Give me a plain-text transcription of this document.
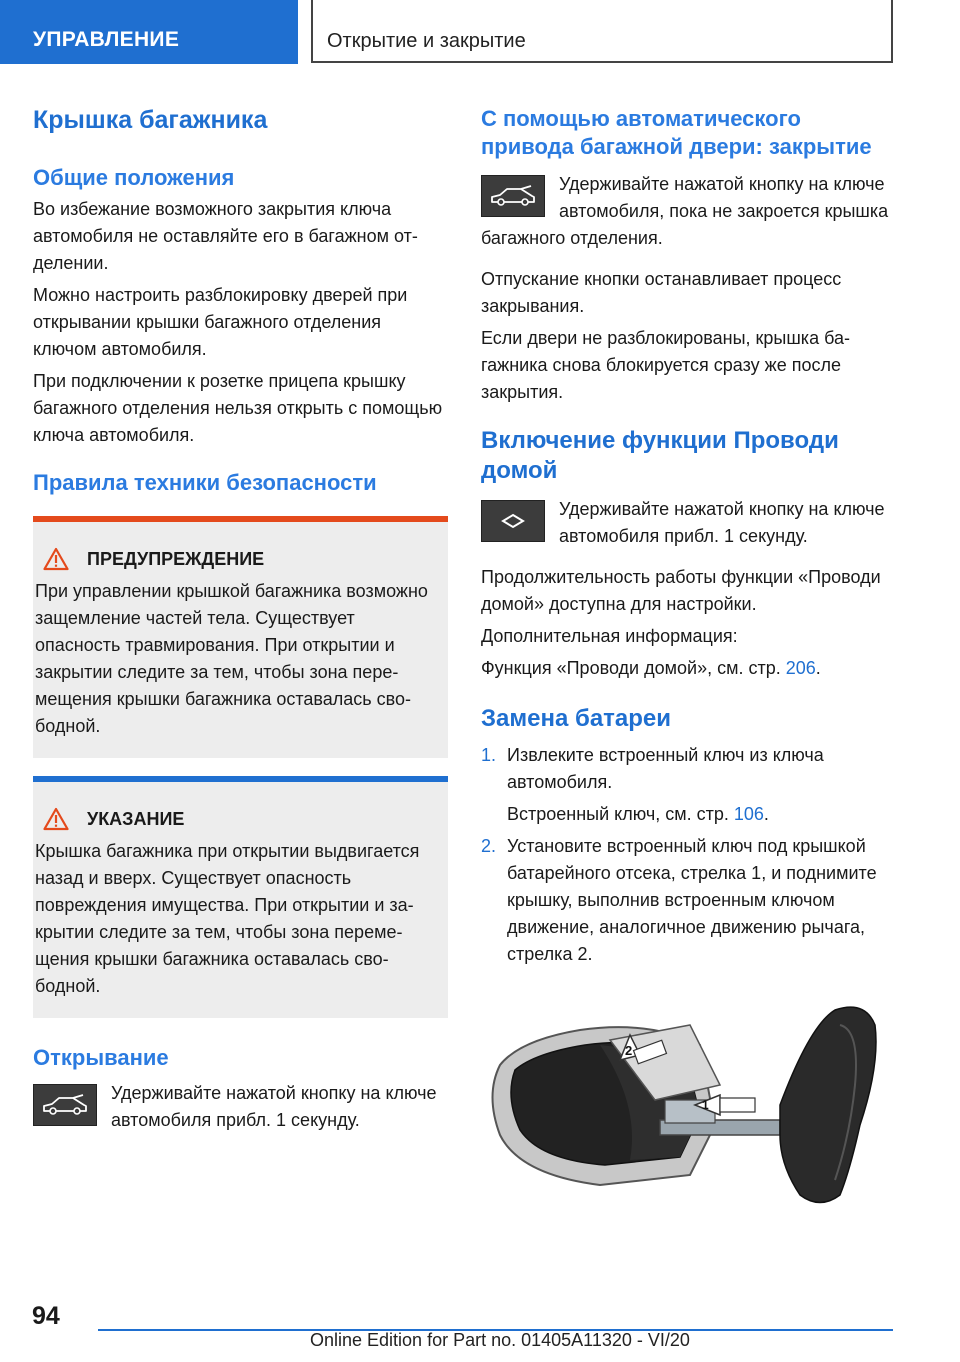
УПРАВЛЕНИЕ	Открытие и закрытие
Крышка багажника
Общие положения

Во избежание возможного закрытия ключа автомобиля не оставляйте его в багажном отделении.

Можно настроить разблокировку дверей при открывании крышки багажного отделения ключом автомобиля.

При подключении к розетке прицепа крышку багажного отделения нельзя открыть с помощью ключа автомобиля.

Правила техники безопасности
ПРЕДУПРЕЖДЕНИЕ

При управлении крышкой багажника возможно защемление частей тела. Существует опасность травмирования. При открытии и закрытии следите за тем, чтобы зона перемещения крышки багажника оставалась свободной.

УКАЗАНИЕ

Крышка багажника при открытии выдвигается назад и вверх. Существует опасность повреждения имущества. При открытии и закрытии следите за тем, чтобы зона перемещения крышки багажника оставалась свободной.

Открывание

Удерживайте нажатой кнопку на ключе автомобиля прибл. 1 секунду.

С помощью автоматического привода багажной двери: закрытие

Удерживайте нажатой кнопку на ключе автомобиля, пока не закроется крышка багажного отделения.

Отпускание кнопки останавливает процесс закрывания.

Если двери не разблокированы, крышка багажника снова блокируется сразу же после закрытия.

Включение функции Проводи домой

Удерживайте нажатой кнопку на ключе автомобиля прибл. 1 секунду.

Продолжительность работы функции «Проводи домой» доступна для настройки.

Дополнительная информация:

Функция «Проводи домой», см. стр. 206.

Замена батареи
1. Извлеките встроенный ключ из ключа автомобиля.
Встроенный ключ, см. стр. 106.
2. Установите встроенный ключ под крышкой батарейного отсека, стрелка 1, и поднимите крышку, выполнив встроенным ключом движение, аналогичное движению рычага, стрелка 2.
2
1
94
Online Edition for Part no. 01405A11320 - VI/20
